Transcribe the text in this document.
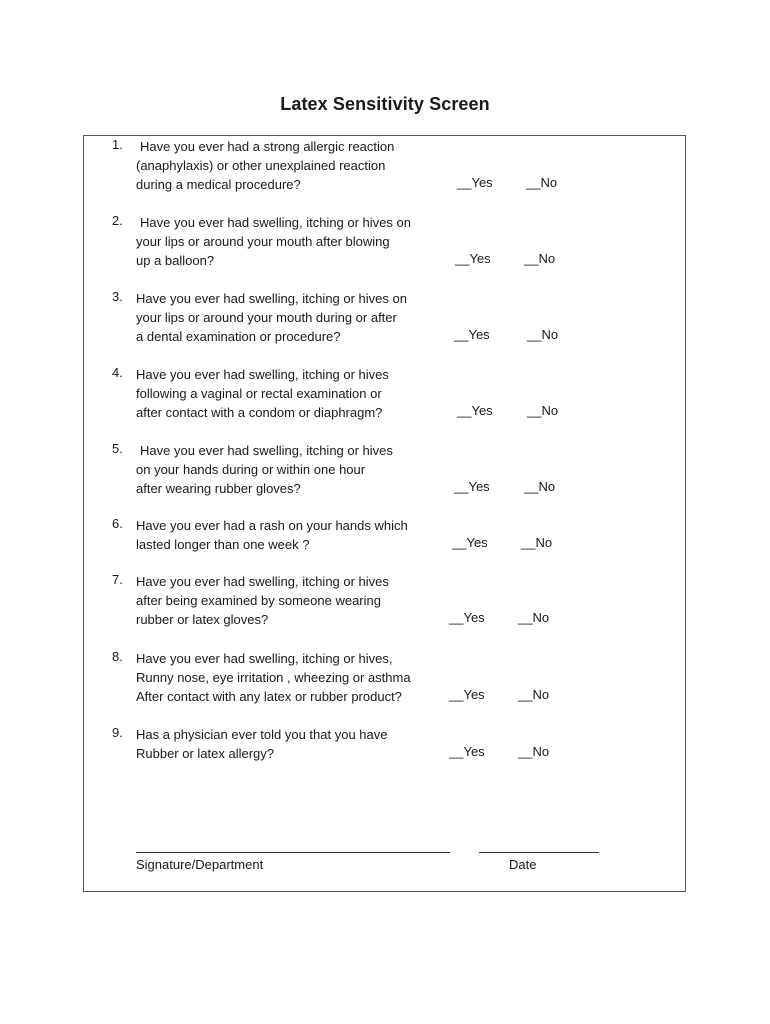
Latex Sensitivity Screen
1. Have you ever had a strong allergic reaction
(anaphylaxis) or other unexplained reaction
during a medical procedure?	__Yes	__No
2. Have you ever had swelling, itching or hives on
your lips or around your mouth after blowing
up a balloon?	__Yes	__No
3. Have you ever had swelling, itching or hives on
your lips or around your mouth during or after
a dental examination or procedure?	__Yes	__No
4. Have you ever had swelling, itching or hives
following a vaginal or rectal examination or
after contact with a condom or diaphragm?	__Yes	__No
5. Have you ever had swelling, itching or hives
on your hands during or within one hour
after wearing rubber gloves?	__Yes	__No
6. Have you ever had a rash on your hands which
lasted longer than one week ?	__Yes	__No
7. Have you ever had swelling, itching or hives
after being examined by someone wearing
rubber or latex gloves?	__Yes	__No
8. Have you ever had swelling, itching or hives,
Runny nose, eye irritation , wheezing or asthma
After contact with any latex or rubber product?	__Yes	__No
9. Has a physician ever told you that you have
Rubber or latex allergy?	__Yes	__No
Signature/Department	Date
